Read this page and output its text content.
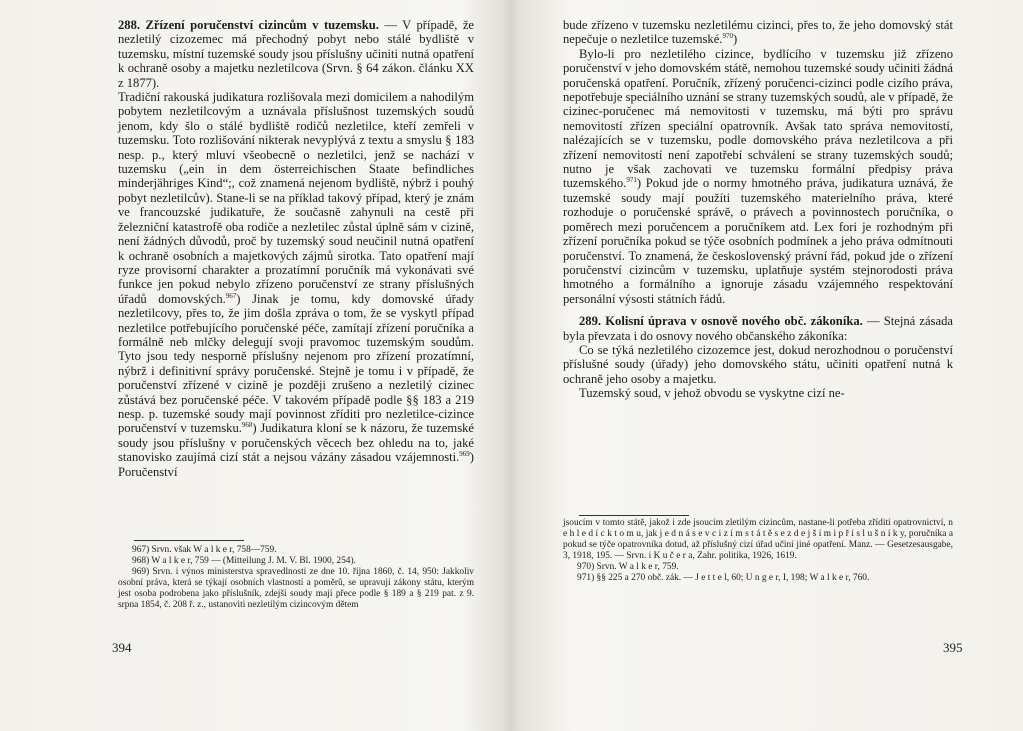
288. Zřízení poručenství cizincům v tuzemsku. — V případě, že nezletilý cizozemec má přechodný pobyt nebo stálé bydliště v tuzemsku, místní tuzemské soudy jsou příslušny učiniti nutná opatření k ochraně osoby a majetku nezletilcova (Srvn. § 64 zákon. článku XX z 1877).

Tradiční rakouská judikatura rozlišovala mezi domicilem a nahodilým pobytem nezletilcovým a uznávala příslušnost tuzemských soudů jenom, kdy šlo o stálé bydliště rodičů nezletilce, kteří zemřeli v tuzemsku. Toto rozlišování nikterak nevyplývá z textu a smyslu § 183 nesp. p., který mluví všeobecně o nezletilci, jenž se nachází v tuzemsku („ein in dem österreichischen Staate befindliches minderjähriges Kind“;, což znamená nejenom bydliště, nýbrž i pouhý pobyt nezletilcův). Stane-li se na příklad takový případ, který je znám ve francouzské judikatuře, že současně zahynuli na cestě při železniční katastrofě oba rodiče a nezletilec zůstal úplně sám v cizině, není žádných důvodů, proč by tuzemský soud neučinil nutná opatření k ochraně osobních a majetkových zájmů sirotka. Tato opatření mají ryze provisorní charakter a prozatímní poručník má vykonávati své funkce jen pokud nebylo zřízeno poručenství ze strany příslušných úřadů domovských.$^{967}$) Jinak je tomu, kdy domovské úřady nezletilcovy, přes to, že jim došla zpráva o tom, že se vyskytl případ nezletilce potřebujícího poručenské péče, zamítají zřízení poručníka a formálně neb mlčky delegují svoji pravomoc tuzemským soudům. Tyto jsou tedy nesporně příslušny nejenom pro zřízení prozatímní, nýbrž i definitivní správy poručenské. Stejně je tomu i v případě, že poručenství zřízené v cizině je později zrušeno a nezletilý cizinec zůstává bez poručenské péče. V takovém případě podle §§ 183 a 219 nesp. p. tuzemské soudy mají povinnost zříditi pro nezletilce-cizince poručenství v tuzemsku.$^{968}$) Judikatura kloní se k názoru, že tuzemské soudy jsou příslušny v poručenských věcech bez ohledu na to, jaké stanovisko zaujímá cizí stát a nejsou vázány zásadou vzájemnosti.$^{969}$) Poručenství

967) Srvn. však W a l k e r, 758—759.

968) W a l k e r, 759 — (Mitteilung J. M. V. Bl. 1900, 254).

969) Srvn. i výnos ministerstva spravedlnosti ze dne 10. října 1860, č. 14, 950: Jakkoliv osobní práva, která se týkají osobních vlastností a poměrů, se upravují zákony státu, kterým jest osoba podrobena jako příslušník, zdejší soudy mají přece podle § 189 a § 219 pat. z 9. srpna 1854, č. 208 ř. z., ustanoviti nezletilým cizincovým dětem

394

bude zřízeno v tuzemsku nezletilému cizinci, přes to, že jeho domovský stát nepečuje o nezletilce tuzemské.$^{970}$)

Bylo-li pro nezletilého cizince, bydlícího v tuzemsku již zřízeno poručenství v jeho domovském státě, nemohou tuzemské soudy učiniti žádná poručenská opatření. Poručník, zřízený poručenci-cizinci podle cizího práva, nepotřebuje speciálního uznání se strany tuzemských soudů, ale v případě, že cizinec-poručenec má nemovitosti v tuzemsku, má býti pro správu nemovitostí zřízen speciální opatrovník. Avšak tato správa nemovitostí, nalézajících se v tuzemsku, podle domovského práva nezletilcova a při zřízení nemovitostí není zapotřebí schválení se strany tuzemských soudů; nutno je však zachovati ve tuzemsku formální předpisy práva tuzemského.$^{971}$) Pokud jde o normy hmotného práva, judikatura uznává, že tuzemské soudy mají použíti tuzemského materielního práva, které rozhoduje o poručenské správě, o právech a povinnostech poručníka, o poměrech mezi poručencem a poručníkem atd. Lex fori je rozhodným při zřízení poručníka pokud se týče osobních podmínek a jeho práva odmítnouti poručenství. To znamená, že československý právní řád, pokud jde o zřízení poručenství cizincům v tuzemsku, uplatňuje systém stejnorodosti práva hmotného a formálního a ignoruje zásadu vzájemného respektování personální výsosti státních řádů.

289. Kolisní úprava v osnově nového obč. zákoníka. — Stejná zásada byla převzata i do osnovy nového občanského zákoníka:

Co se týká nezletilého cizozemce jest, dokud nerozhodnou o poručenství příslušné soudy (úřady) jeho domovského státu, učiniti opatření nutná k ochraně jeho osoby a majetku.

Tuzemský soud, v jehož obvodu se vyskytne cizí ne-

jsoucím v tomto státě, jakož i zde jsoucím zletilým cizincům, nastane-li potřeba zřídití opatrovnictví, n e h l e d í c k t o m u, jak j e d n á s e v c i z í m s t á t ě s e z d e j š í m i p ř í s l u š n í k y, poručníka a pokud se týče opatrovníka dotud, až příslušný cizí úřad učiní jiné opatření. Manz. — Gesetzesausgabe, 3, 1918, 195. — Srvn. i K u č e r a, Zahr. politika, 1926, 1619.

970) Srvn. W a l k e r, 759.

971) §§ 225 a 270 obč. zák. — J e t t e l, 60; U n g e r, I, 198; W a l k e r, 760.

395
